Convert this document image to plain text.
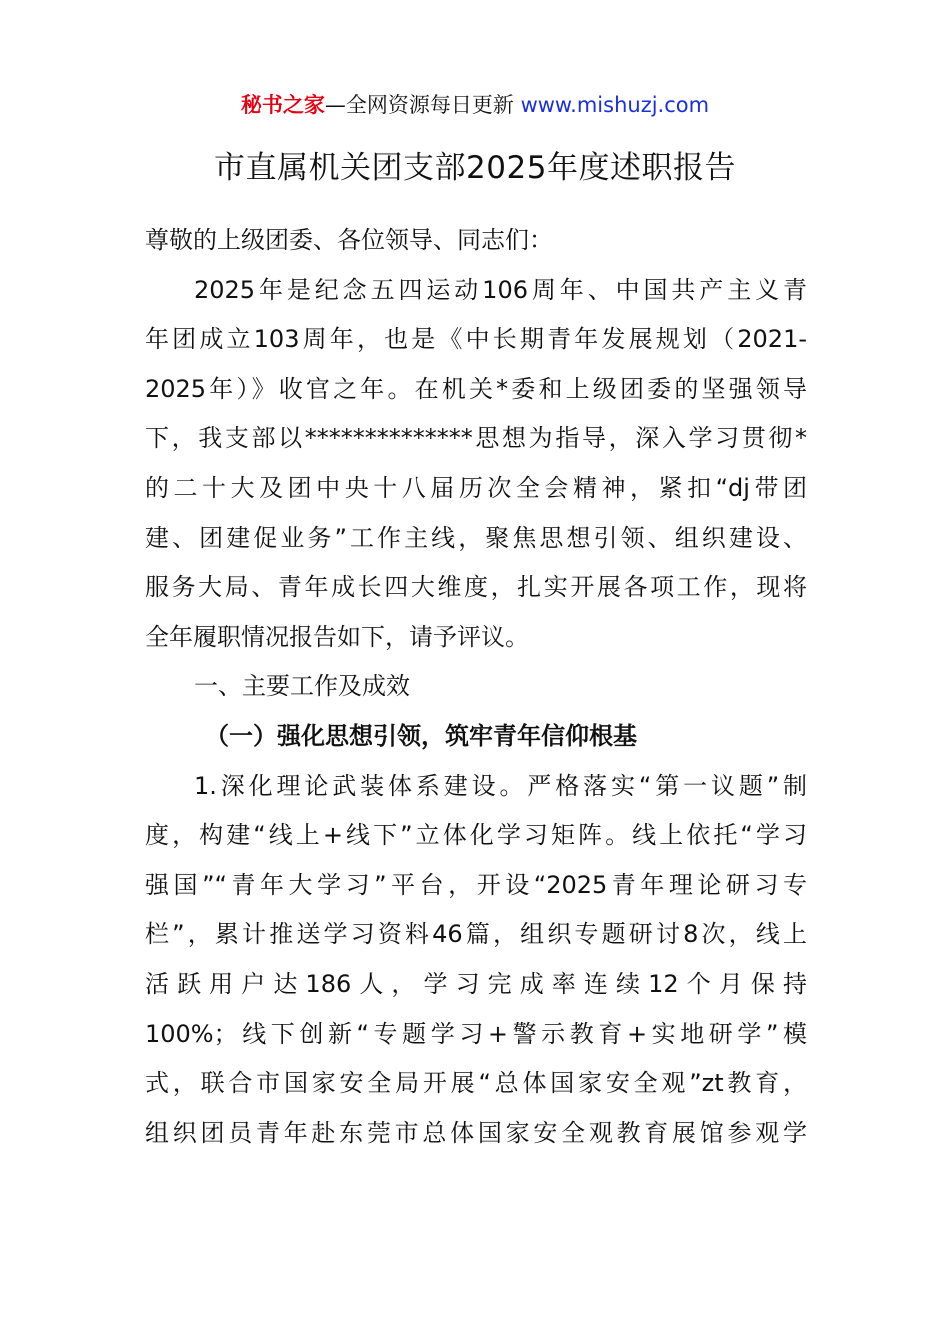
秘书之家—全网资源每日更新 www.mishuzj.com
市直属机关团支部2025年度述职报告
尊敬的上级团委、各位领导、同志们：
2025年是纪念五四运动106周年、中国共产主义青
年团成立103周年，也是《中长期青年发展规划（2021-
2025年）》收官之年。在机关*委和上级团委的坚强领导
下，我支部以**************思想为指导，深入学习贯彻*
的二十大及团中央十八届历次全会精神，紧扣“dj带团
建、团建促业务”工作主线，聚焦思想引领、组织建设、
服务大局、青年成长四大维度，扎实开展各项工作，现将
全年履职情况报告如下，请予评议。
一、主要工作及成效
（一）强化思想引领，筑牢青年信仰根基
1.深化理论武装体系建设。严格落实“第一议题”制
度，构建“线上+线下”立体化学习矩阵。线上依托“学习
强国”“青年大学习”平台，开设“2025青年理论研习专
栏”，累计推送学习资料46篇，组织专题研讨8次，线上
活跃用户达186人，学习完成率连续12个月保持
100%；线下创新“专题学习+警示教育+实地研学”模
式，联合市国家安全局开展“总体国家安全观”zt教育，
组织团员青年赴东莞市总体国家安全观教育展馆参观学
